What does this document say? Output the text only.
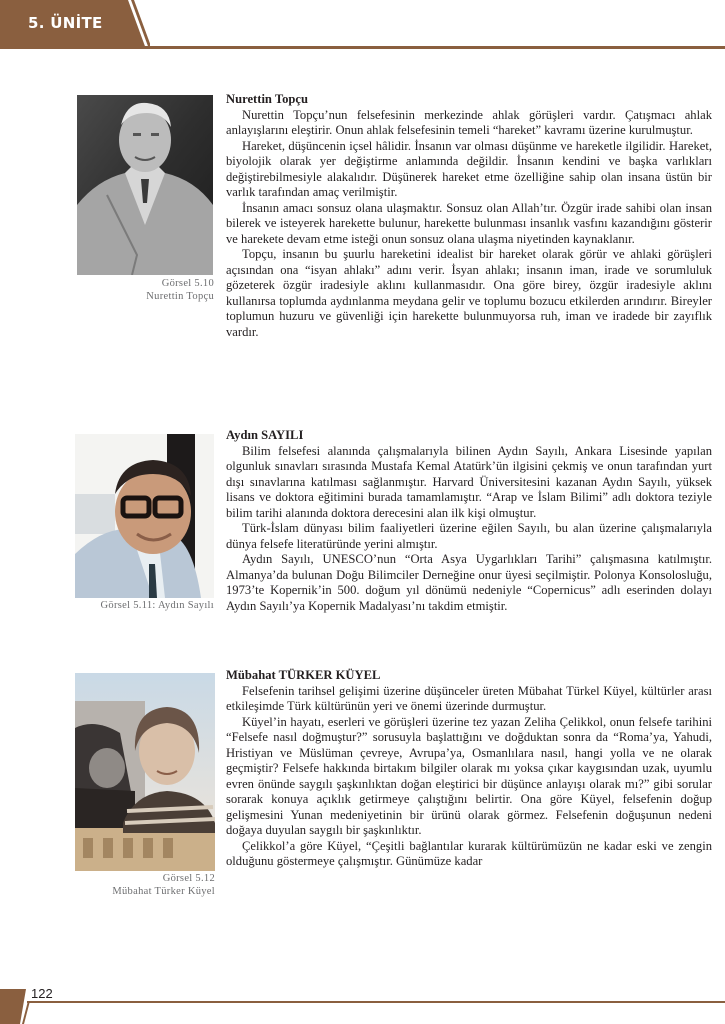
5. ÜNİTE
Görsel 5.10
Nurettin Topçu
Görsel 5.11: Aydın Sayılı
Görsel 5.12
Mübahat Türker Küyel
Nurettin Topçu

Nurettin Topçu’nun felsefesinin merkezinde ahlak görüşleri vardır. Çatışmacı ahlak anlayışlarını eleştirir. Onun ahlak felsefesinin temeli “hareket” kavramı üzerine kurulmuştur.

Hareket, düşüncenin içsel hâlidir. İnsanın var olması düşünme ve hareketle ilgilidir. Hareket, biyolojik olarak yer değiştirme anlamında değildir. İnsanın kendini ve başka varlıkları değiştirebilmesiyle alakalıdır. Düşünerek hareket etme özelliğine sahip olan insana üstün bir varlık tarafından amaç verilmiştir.

İnsanın amacı sonsuz olana ulaşmaktır. Sonsuz olan Allah’tır. Özgür irade sahibi olan insan bilerek ve isteyerek harekette bulunur, harekette bulunması insanlık vasfını kazandığını gösterir ve harekete devam etme isteği onun sonsuz olana ulaşma niyetinden kaynaklanır.

Topçu, insanın bu şuurlu hareketini idealist bir hareket olarak görür ve ahlaki görüşleri açısından ona “isyan ahlakı” adını verir. İsyan ahlakı; insanın iman, irade ve sorumluluk gözeterek özgür iradesiyle aklını kullanmasıdır. Ona göre birey, özgür iradesiyle aklını kullanırsa toplumda aydınlanma meydana gelir ve toplumu bozucu etkilerden arındırır. Bireyler toplumun huzuru ve güvenliği için harekette bulunmuyorsa ruh, iman ve iradede bir zayıflık vardır.

Aydın SAYILI

Bilim felsefesi alanında çalışmalarıyla bilinen Aydın Sayılı, Ankara Lisesinde yapılan olgunluk sınavları sırasında Mustafa Kemal Atatürk’ün ilgisini çekmiş ve onun tarafından yurt dışı sınavlarına katılması sağlanmıştır. Harvard Üniversitesini kazanan Aydın Sayılı, yüksek lisans ve doktora eğitimini burada tamamlamıştır. “Arap ve İslam Bilimi” adlı doktora teziyle bilim tarihi alanında doktora derecesini alan ilk kişi olmuştur.

Türk-İslam dünyası bilim faaliyetleri üzerine eğilen Sayılı, bu alan üzerine çalışmalarıyla dünya felsefe literatüründe yerini almıştır.

Aydın Sayılı, UNESCO’nun “Orta Asya Uygarlıkları Tarihi” çalışmasına katılmıştır. Almanya’da bulunan Doğu Bilimciler Derneğine onur üyesi seçilmiştir. Polonya Konsolosluğu, 1973’te Kopernik’in 500. doğum yıl dönümü nedeniyle “Copernicus” adlı eserinden dolayı Aydın Sayılı’ya Kopernik Madalyası’nı takdim etmiştir.

Mübahat TÜRKER KÜYEL

Felsefenin tarihsel gelişimi üzerine düşünceler üreten Mübahat Türkel Küyel, kültürler arası etkileşimde Türk kültürünün yeri ve önemi üzerinde durmuştur.

Küyel’in hayatı, eserleri ve görüşleri üzerine tez yazan Zeliha Çelikkol, onun felsefe tarihini “Felsefe nasıl doğmuştur?” sorusuyla başlattığını ve doğduktan sonra da “Roma’ya, Yahudi, Hristiyan ve Müslüman çevreye, Avrupa’ya, Osmanlılara nasıl, hangi yolla ve ne olarak geçmiştir? Felsefe hakkında birtakım bilgiler olarak mı yoksa çıkar kaygısından uzak, uyumlu evren önünde saygılı şaşkınlıktan doğan eleştirici bir düşünce anlayışı olarak mı?” gibi sorular sorarak konuya açıklık getirmeye çalıştığını belirtir. Ona göre Küyel, felsefenin doğup gelişmesini Yunan medeniyetinin bir ürünü olarak görmez. Felsefenin doğuşunun nedeni doğaya duyulan saygılı bir şaşkınlıktır.

Çelikkol’a göre Küyel, “Çeşitli bağlantılar kurarak kültürümüzün ne kadar eski ve zengin olduğunu göstermeye çalışmıştır. Günümüze kadar

122
